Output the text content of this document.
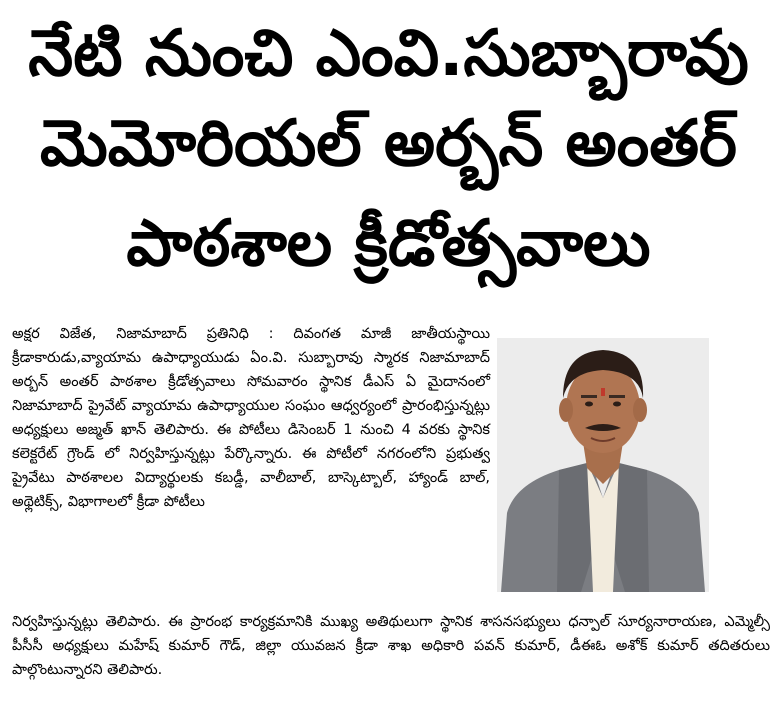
నేటి నుంచి ఎంవి.సుబ్బారావు
మెమోరియల్ అర్బన్ అంతర్
పాఠశాల క్రీడోత్సవాలు

అక్షర విజేత, నిజామాబాద్ ప్రతినిధి : దివంగత మాజీ జాతీయస్థాయి క్రీడాకారుడు,వ్యాయామ ఉపాధ్యాయుడు ఏం.వి. సుబ్బారావు స్మారక నిజామాబాద్ అర్బన్ అంతర్ పాఠశాల క్రీడోత్సవాలు సోమవారం స్థానిక డీఎస్ ఏ మైదానంలో నిజామాబాద్ ప్రైవేట్ వ్యాయామ ఉపాధ్యాయుల సంఘం ఆధ్వర్యంలో ప్రారంభిస్తున్నట్లు అధ్యక్షులు అజ్మత్ ఖాన్ తెలిపారు. ఈ పోటీలు డిసెంబర్ 1 నుంచి 4 వరకు స్థానిక కలెక్టరేట్ గ్రౌండ్ లో నిర్వహిస్తున్నట్లు పేర్కొన్నారు. ఈ పోటీలో నగరంలోని ప్రభుత్వ ప్రైవేటు పాఠశాలల విద్యార్థులకు కబడ్డీ, వాలీబాల్, బాస్కెట్బాల్, హ్యాండ్ బాల్, అథ్లెటిక్స్, విభాగాలలో క్రీడా పోటీలు

నిర్వహిస్తున్నట్లు తెలిపారు. ఈ ప్రారంభ కార్యక్రమానికి ముఖ్య అతిథులుగా స్థానిక శాసనసభ్యులు ధన్పాల్ సూర్యనారాయణ, ఎమ్మెల్సీ పీసీసీ అధ్యక్షులు మహేష్ కుమార్ గౌడ్, జిల్లా యువజన క్రీడా శాఖ అధికారి పవన్ కుమార్, డీఈఓ అశోక్ కుమార్ తదితరులు పాల్గొంటున్నారని తెలిపారు.
